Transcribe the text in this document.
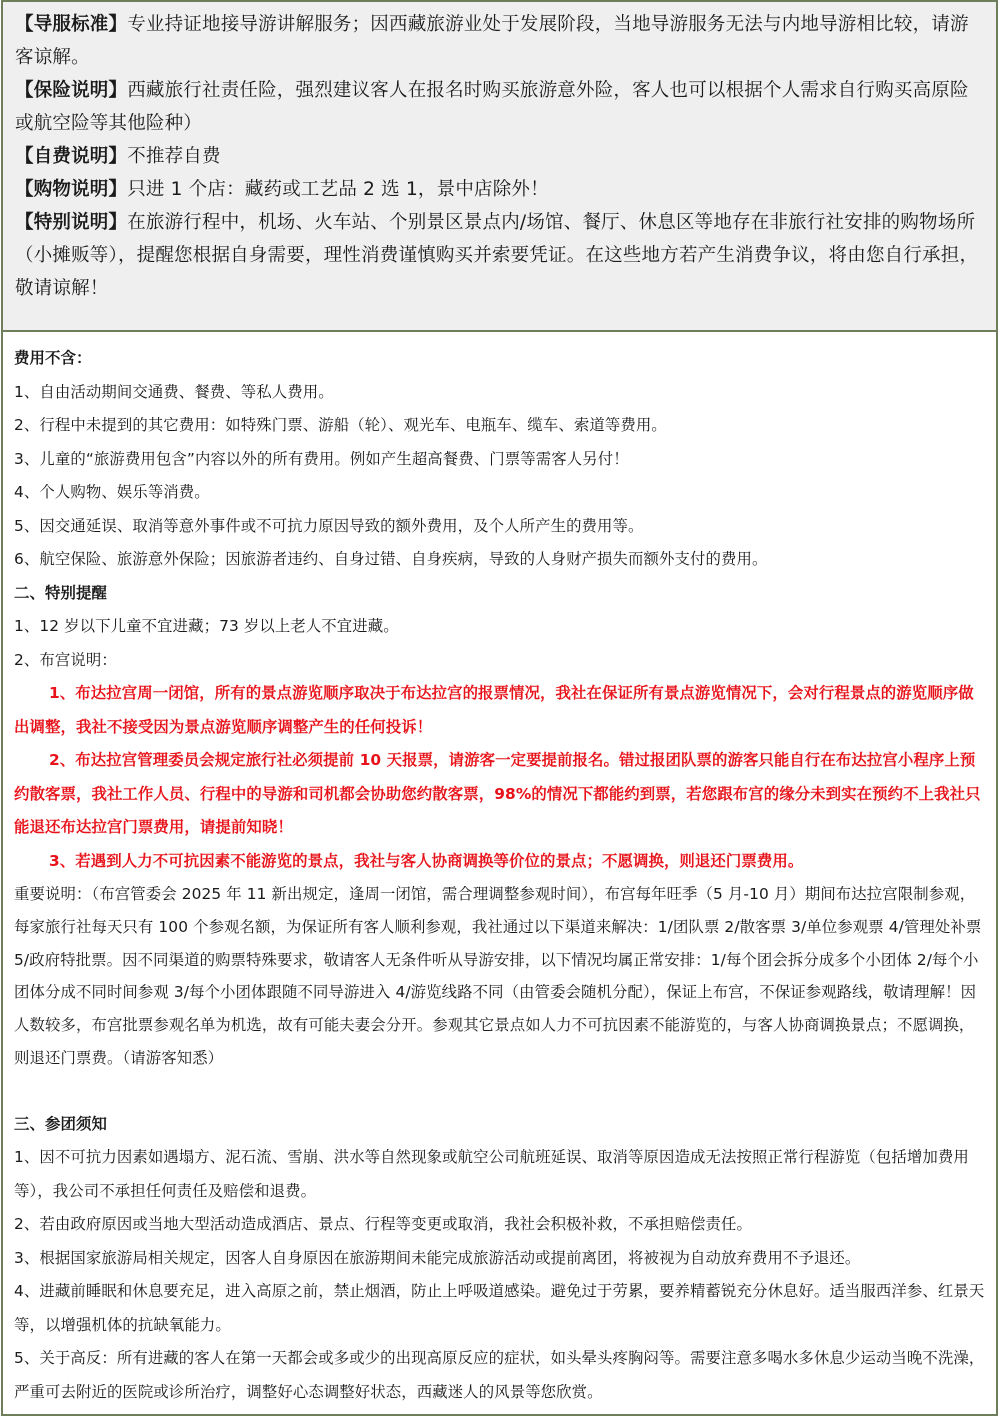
【导服标准】专业持证地接导游讲解服务；因西藏旅游业处于发展阶段，当地导游服务无法与内地导游相比较，请游客谅解。

【保险说明】西藏旅行社责任险，强烈建议客人在报名时购买旅游意外险，客人也可以根据个人需求自行购买高原险或航空险等其他险种）

【自费说明】不推荐自费

【购物说明】只进 1 个店：藏药或工艺品 2 选 1，景中店除外！

【特别说明】在旅游行程中，机场、火车站、个别景区景点内/场馆、餐厅、休息区等地存在非旅行社安排的购物场所（小摊贩等），提醒您根据自身需要，理性消费谨慎购买并索要凭证。在这些地方若产生消费争议，将由您自行承担，敬请谅解！

费用不含：

1、自由活动期间交通费、餐费、等私人费用。

2、行程中未提到的其它费用：如特殊门票、游船（轮）、观光车、电瓶车、缆车、索道等费用。

3、儿童的“旅游费用包含”内容以外的所有费用。例如产生超高餐费、门票等需客人另付！

4、个人购物、娱乐等消费。

5、因交通延误、取消等意外事件或不可抗力原因导致的额外费用，及个人所产生的费用等。

6、航空保险、旅游意外保险；因旅游者违约、自身过错、自身疾病，导致的人身财产损失而额外支付的费用。

二、特别提醒

1、12 岁以下儿童不宜进藏；73 岁以上老人不宜进藏。

2、布宫说明：

1、布达拉宫周一闭馆，所有的景点游览顺序取决于布达拉宫的报票情况，我社在保证所有景点游览情况下，会对行程景点的游览顺序做出调整，我社不接受因为景点游览顺序调整产生的任何投诉！

2、布达拉宫管理委员会规定旅行社必须提前 10 天报票，请游客一定要提前报名。错过报团队票的游客只能自行在布达拉宫小程序上预约散客票，我社工作人员、行程中的导游和司机都会协助您约散客票，98%的情况下都能约到票，若您跟布宫的缘分未到实在预约不上我社只能退还布达拉宫门票费用，请提前知晓！

3、若遇到人力不可抗因素不能游览的景点，我社与客人协商调换等价位的景点；不愿调换，则退还门票费用。

重要说明：（布宫管委会 2025 年 11 新出规定，逢周一闭馆，需合理调整参观时间），布宫每年旺季（5 月-10 月）期间布达拉宫限制参观，每家旅行社每天只有 100 个参观名额，为保证所有客人顺利参观，我社通过以下渠道来解决：1/团队票 2/散客票 3/单位参观票 4/管理处补票 5/政府特批票。因不同渠道的购票特殊要求，敬请客人无条件听从导游安排，以下情况均属正常安排：1/每个团会拆分成多个小团体 2/每个小团体分成不同时间参观 3/每个小团体跟随不同导游进入 4/游览线路不同（由管委会随机分配），保证上布宫，不保证参观路线，敬请理解！因人数较多，布宫批票参观名单为机选，故有可能夫妻会分开。参观其它景点如人力不可抗因素不能游览的，与客人协商调换景点；不愿调换，则退还门票费。（请游客知悉）

三、参团须知

1、因不可抗力因素如遇塌方、泥石流、雪崩、洪水等自然现象或航空公司航班延误、取消等原因造成无法按照正常行程游览（包括增加费用等），我公司不承担任何责任及赔偿和退费。

2、若由政府原因或当地大型活动造成酒店、景点、行程等变更或取消，我社会积极补救，不承担赔偿责任。

3、根据国家旅游局相关规定，因客人自身原因在旅游期间未能完成旅游活动或提前离团，将被视为自动放弃费用不予退还。

4、进藏前睡眠和休息要充足，进入高原之前，禁止烟酒，防止上呼吸道感染。避免过于劳累，要养精蓄锐充分休息好。适当服西洋参、红景天等，以增强机体的抗缺氧能力。

5、关于高反：所有进藏的客人在第一天都会或多或少的出现高原反应的症状，如头晕头疼胸闷等。需要注意多喝水多休息少运动当晚不洗澡，严重可去附近的医院或诊所治疗，调整好心态调整好状态，西藏迷人的风景等您欣赏。
